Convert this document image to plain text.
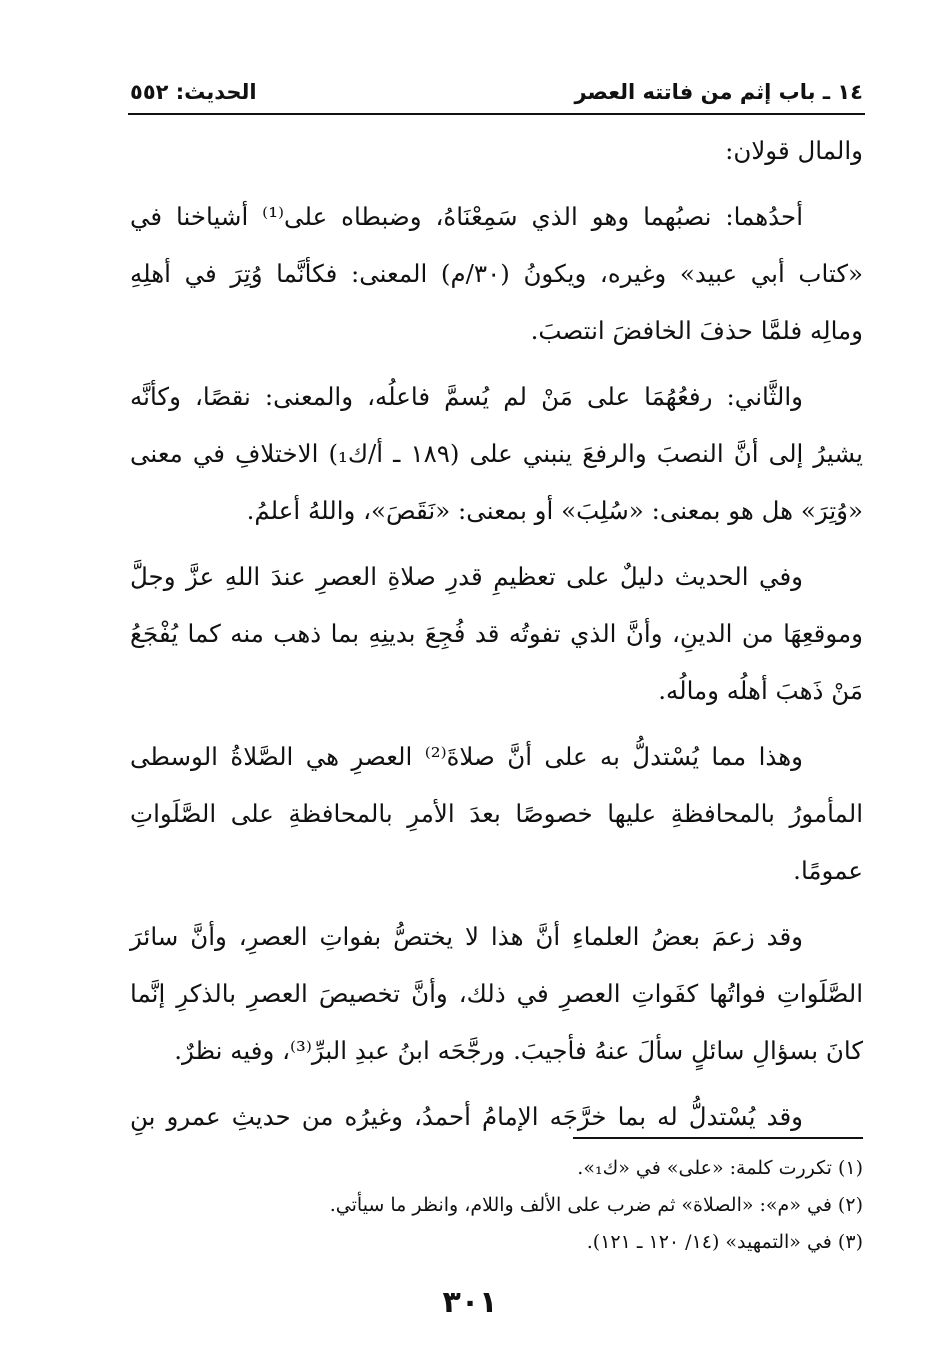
١٤ ـ باب إثم من فاتته العصر
الحديث: ٥٥٢

والمال قولان:

أحدُهما: نصبُهما وهو الذي سَمِعْنَاهُ، وضبطاه على⁽¹⁾ أشياخنا في «كتاب أبي عبيد» وغيره، ويكونُ (٣٠/م) المعنى: فكأنَّما وُتِرَ في أهلِهِ ومالِه فلمَّا حذفَ الخافضَ انتصبَ.

والثَّاني: رفعُهُمَا على مَنْ لم يُسمَّ فاعلُه، والمعنى: نقصًا، وكأنَّه يشيرُ إلى أنَّ النصبَ والرفعَ ينبني على (١٨٩ ـ أ/ك₁) الاختلافِ في معنى «وُتِرَ» هل هو بمعنى: «سُلِبَ» أو بمعنى: «نَقَصَ»، واللهُ أعلمُ.

وفي الحديث دليلٌ على تعظيمِ قدرِ صلاةِ العصرِ عندَ اللهِ عزَّ وجلَّ وموقعِهَا من الدينِ، وأنَّ الذي تفوتُه قد فُجِعَ بدينِهِ بما ذهب منه كما يُفْجَعُ مَنْ ذَهبَ أهلُه ومالُه.

وهذا مما يُسْتدلُّ به على أنَّ صلاةَ⁽²⁾ العصرِ هي الصَّلاةُ الوسطى المأمورُ بالمحافظةِ عليها خصوصًا بعدَ الأمرِ بالمحافظةِ على الصَّلَواتِ عمومًا.

وقد زعمَ بعضُ العلماءِ أنَّ هذا لا يختصُّ بفواتِ العصرِ، وأنَّ سائرَ الصَّلَواتِ فواتُها كفَواتِ العصرِ في ذلك، وأنَّ تخصيصَ العصرِ بالذكرِ إنَّما كانَ بسؤالِ سائلٍ سألَ عنهُ فأجيبَ. ورجَّحَه ابنُ عبدِ البرِّ⁽³⁾، وفيه نظرٌ.

وقد يُسْتدلُّ له بما خرَّجَه الإمامُ أحمدُ، وغيرُه من حديثِ عمرو بنِ

(١) تكررت كلمة: «على» في «ك₁».
(٢) في «م»: «الصلاة» ثم ضرب على الألف واللام، وانظر ما سيأتي.
(٣) في «التمهيد» (١٤/ ١٢٠ ـ ١٢١).
٣٠١
